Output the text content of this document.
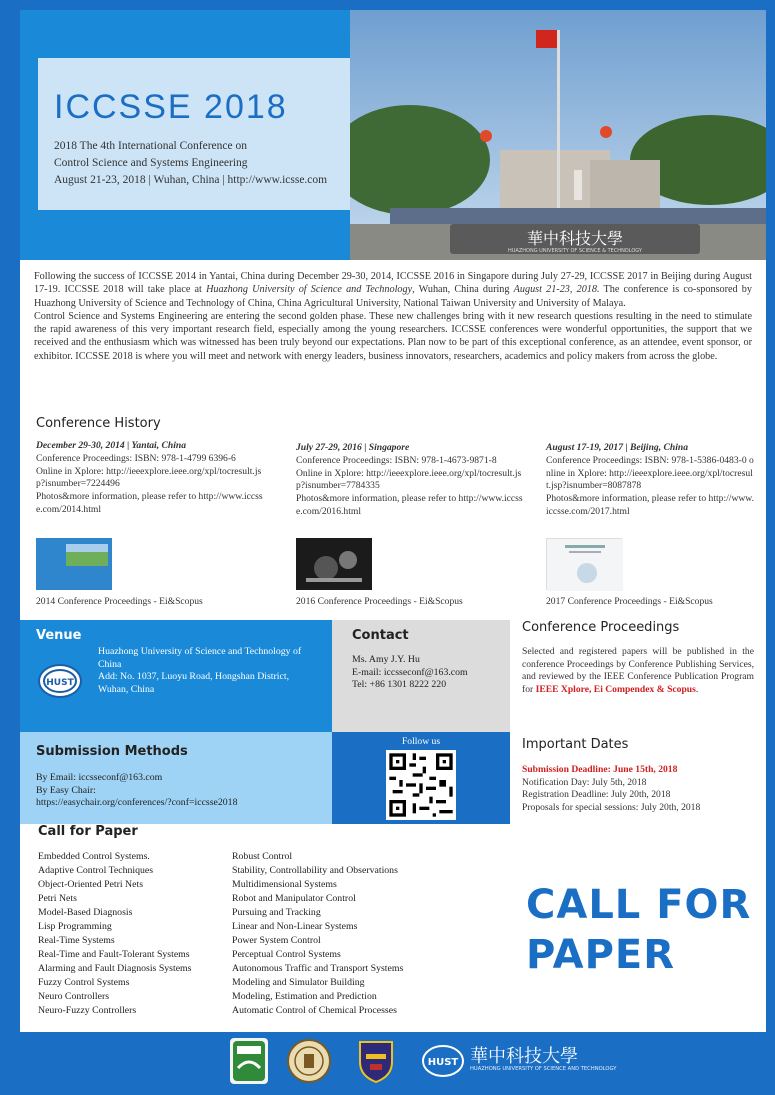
ICCSSE 2018
2018 The 4th International Conference on
Control Science and Systems Engineering
August 21-23, 2018 | Wuhan, China | http://www.icsse.com
華中科技大學
HUAZHONG UNIVERSITY OF SCIENCE & TECHNOLOGY

Following the success of ICCSSE 2014 in Yantai, China during December 29-30, 2014, ICCSSE 2016 in Singapore during July 27-29, ICCSSE 2017 in Beijing during August 17-19. ICCSSE 2018 will take place at Huazhong University of Science and Technology, Wuhan, China during August 21-23, 2018. The conference is co-sponsored by Huazhong University of Science and Technology of China, China Agricultural University, National Taiwan University and University of Malaya.

Control Science and Systems Engineering are entering the second golden phase. These new challenges bring with it new research questions resulting in the need to stimulate the rapid awareness of this very important research field, especially among the young researchers. ICCSSE conferences were wonderful opportunities, the support that we received and the enthusiasm which was witnessed has been truly beyond our expectations. Plan now to be part of this exceptional conference, as an attendee, event sponsor, or exhibitor. ICCSSE 2018 is where you will meet and network with energy leaders, business innovators, researchers, academics and policy makers from across the globe.

Conference History
December 29-30, 2014 | Yantai, China
Conference Proceedings: ISBN: 978-1-4799 6396-6
Online in Xplore: http://ieeexplore.ieee.org/xpl/tocresult.jsp?isnumber=7224496
Photos&more information, please refer to http://www.iccsse.com/2014.html
July 27-29, 2016 | Singapore
Conference Proceedings: ISBN: 978-1-4673-9871-8
Online in Xplore: http://ieeexplore.ieee.org/xpl/tocresult.jsp?isnumber=7784335
Photos&more information, please refer to http://www.iccsse.com/2016.html
August 17-19, 2017 | Beijing, China
Conference Proceedings: ISBN: 978-1-5386-0483-0 online in Xplore: http://ieeexplore.ieee.org/xpl/tocresult.jsp?isnumber=8087878
Photos&more information, please refer to http://www.iccsse.com/2017.html
2014 Conference Proceedings - Ei&Scopus	2016 Conference Proceedings - Ei&Scopus	2017 Conference Proceedings - Ei&Scopus
Venue
HUST
Huazhong University of Science and Technology of China
Add: No. 1037, Luoyu Road, Hongshan District, Wuhan, China
Contact
Ms. Amy J.Y. Hu
E-mail: iccsseconf@163.com
Tel: +86 1301 8222 220
Submission Methods
By Email: iccsseconf@163.com
By Easy Chair:
https://easychair.org/conferences/?conf=iccsse2018
Follow us
Conference Proceedings
Selected and registered papers will be published in the conference Proceedings by Conference Publishing Services, and reviewed by the IEEE Conference Publication Program for IEEE Xplore, Ei Compendex & Scopus.
Important Dates
Submission Deadline: June 15th, 2018
Notification Day: July 5th, 2018
Registration Deadline: July 20th, 2018
Proposals for special sessions: July 20th, 2018
Call for Paper
Embedded Control Systems.
Adaptive Control Techniques
Object-Oriented Petri Nets
Petri Nets
Model-Based Diagnosis
Lisp Programming
Real-Time Systems
Real-Time and Fault-Tolerant Systems
Alarming and Fault Diagnosis Systems
Fuzzy Control Systems
Neuro Controllers
Neuro-Fuzzy Controllers
Robust Control
Stability, Controllability and Observations
Multidimensional Systems
Robot and Manipulator Control
Pursuing and Tracking
Linear and Non-Linear Systems
Power System Control
Perceptual Control Systems
Autonomous Traffic and Transport Systems
Modeling and Simulator Building
Modeling, Estimation and Prediction
Automatic Control of Chemical Processes
CALL FOR
PAPER
HUST 華中科技大學
HUAZHONG UNIVERSITY OF SCIENCE AND TECHNOLOGY
